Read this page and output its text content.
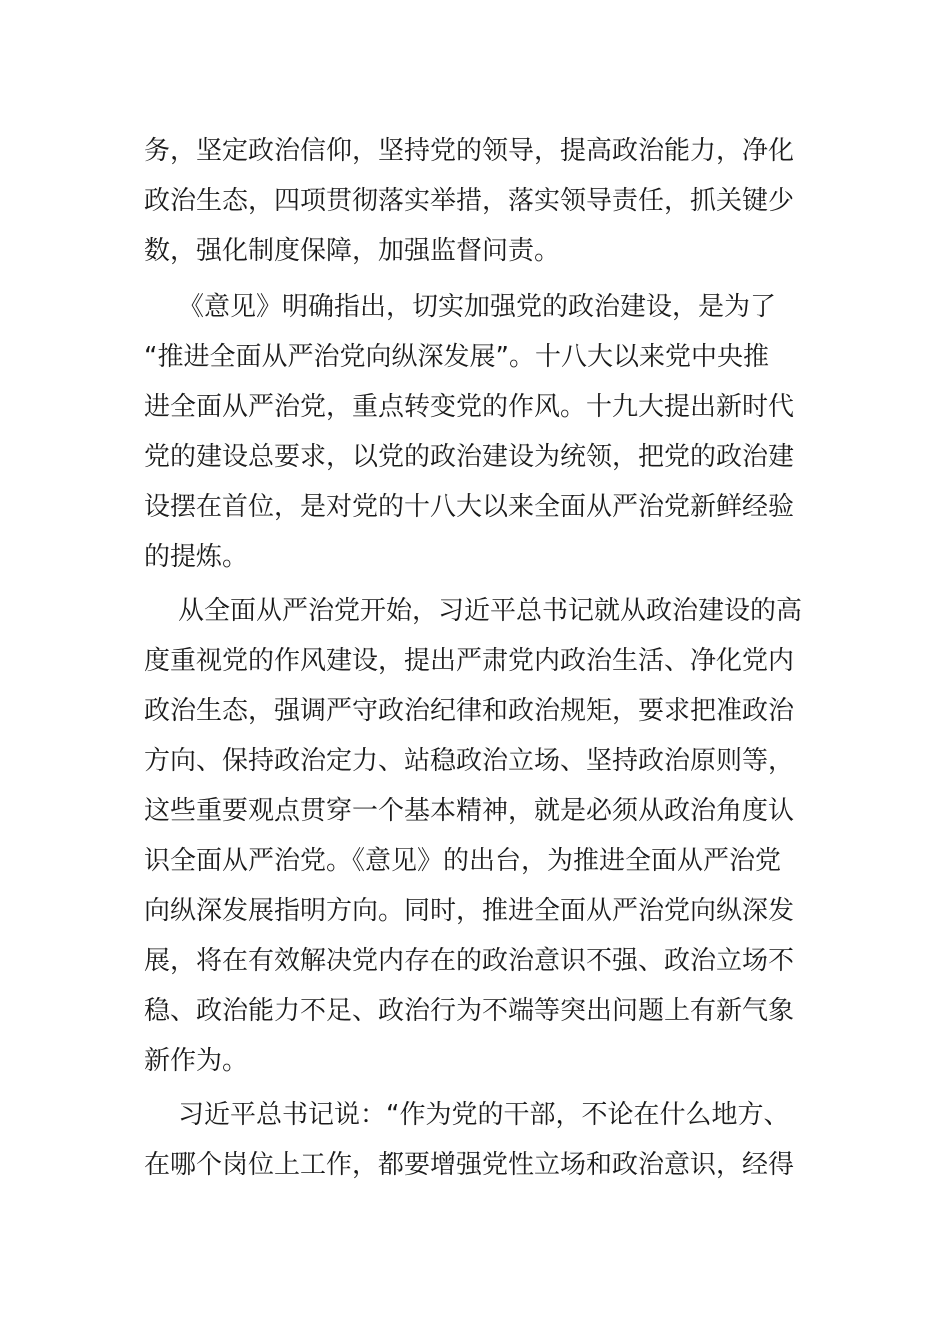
务，坚定政治信仰，坚持党的领导，提高政治能力，净化
政治生态，四项贯彻落实举措，落实领导责任，抓关键少
数，强化制度保障，加强监督问责。
《意见》明确指出，切实加强党的政治建设，是为了
“推进全面从严治党向纵深发展”。十八大以来党中央推
进全面从严治党，重点转变党的作风。十九大提出新时代
党的建设总要求，以党的政治建设为统领，把党的政治建
设摆在首位，是对党的十八大以来全面从严治党新鲜经验
的提炼。
从全面从严治党开始，习近平总书记就从政治建设的高
度重视党的作风建设，提出严肃党内政治生活、净化党内
政治生态，强调严守政治纪律和政治规矩，要求把准政治
方向、保持政治定力、站稳政治立场、坚持政治原则等，
这些重要观点贯穿一个基本精神，就是必须从政治角度认
识全面从严治党。《意见》的出台，为推进全面从严治党
向纵深发展指明方向。同时，推进全面从严治党向纵深发
展，将在有效解决党内存在的政治意识不强、政治立场不
稳、政治能力不足、政治行为不端等突出问题上有新气象
新作为。
习近平总书记说：“作为党的干部，不论在什么地方、
在哪个岗位上工作，都要增强党性立场和政治意识，经得
